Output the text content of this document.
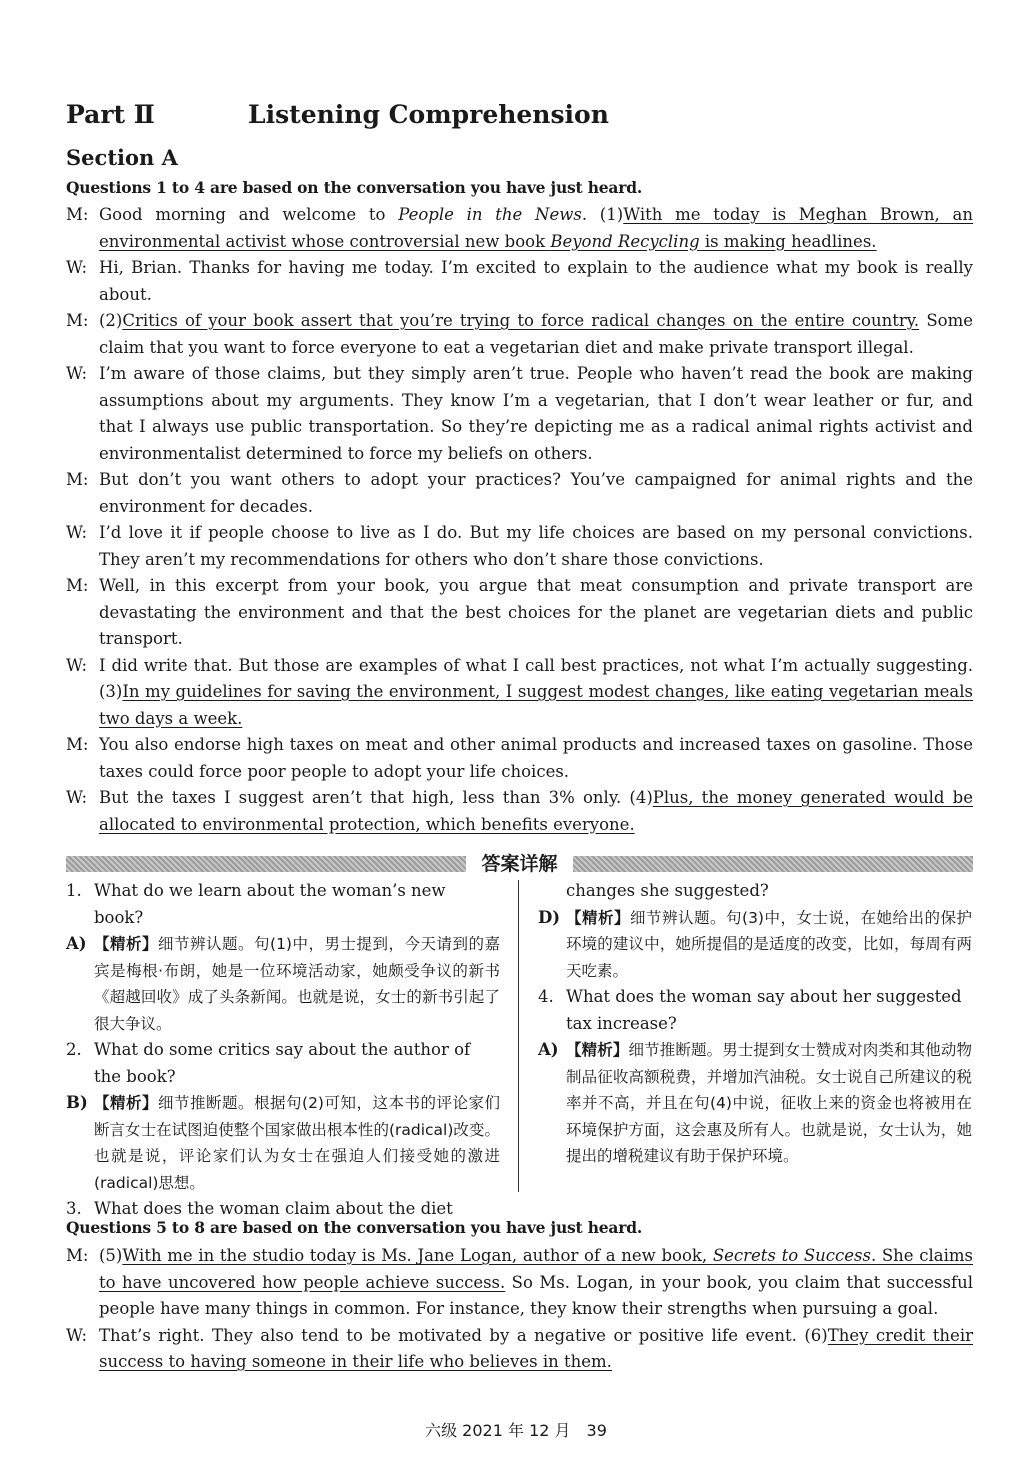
Part Ⅱ	Listening Comprehension
Section A
Questions 1 to 4 are based on the conversation you have just heard.
M: Good morning and welcome to People in the News. (1)With me today is Meghan Brown, an environmental activist whose controversial new book Beyond Recycling is making headlines.
W: Hi, Brian. Thanks for having me today. I’m excited to explain to the audience what my book is really about.
M: (2)Critics of your book assert that you’re trying to force radical changes on the entire country. Some claim that you want to force everyone to eat a vegetarian diet and make private transport illegal.
W: I’m aware of those claims, but they simply aren’t true. People who haven’t read the book are making assumptions about my arguments. They know I’m a vegetarian, that I don’t wear leather or fur, and that I always use public transportation. So they’re depicting me as a radical animal rights activist and environmentalist determined to force my beliefs on others.
M: But don’t you want others to adopt your practices? You’ve campaigned for animal rights and the environment for decades.
W: I’d love it if people choose to live as I do. But my life choices are based on my personal convictions. They aren’t my recommendations for others who don’t share those convictions.
M: Well, in this excerpt from your book, you argue that meat consumption and private transport are devastating the environment and that the best choices for the planet are vegetarian diets and public transport.
W: I did write that. But those are examples of what I call best practices, not what I’m actually suggesting. (3)In my guidelines for saving the environment, I suggest modest changes, like eating vegetarian meals two days a week.
M: You also endorse high taxes on meat and other animal products and increased taxes on gasoline. Those taxes could force poor people to adopt your life choices.
W: But the taxes I suggest aren’t that high, less than 3% only. (4)Plus, the money generated would be allocated to environmental protection, which benefits everyone.
答案详解
1. What do we learn about the woman’s new book?
A) 【精析】细节辨认题。句(1)中，男士提到，今天请到的嘉宾是梅根·布朗，她是一位环境活动家，她颇受争议的新书《超越回收》成了头条新闻。也就是说，女士的新书引起了很大争议。
2. What do some critics say about the author of the book?
B) 【精析】细节推断题。根据句(2)可知，这本书的评论家们断言女士在试图迫使整个国家做出根本性的(radical)改变。也就是说，评论家们认为女士在强迫人们接受她的激进(radical)思想。
3. What does the woman claim about the diet
changes she suggested?
D) 【精析】细节辨认题。句(3)中，女士说，在她给出的保护环境的建议中，她所提倡的是适度的改变，比如，每周有两天吃素。
4. What does the woman say about her suggested tax increase?
A) 【精析】细节推断题。男士提到女士赞成对肉类和其他动物制品征收高额税费，并增加汽油税。女士说自己所建议的税率并不高，并且在句(4)中说，征收上来的资金也将被用在环境保护方面，这会惠及所有人。也就是说，女士认为，她提出的增税建议有助于保护环境。
Questions 5 to 8 are based on the conversation you have just heard.
M: (5)With me in the studio today is Ms. Jane Logan, author of a new book, Secrets to Success. She claims to have uncovered how people achieve success. So Ms. Logan, in your book, you claim that successful people have many things in common. For instance, they know their strengths when pursuing a goal.
W: That’s right. They also tend to be motivated by a negative or positive life event. (6)They credit their success to having someone in their life who believes in them.
六级 2021 年 12 月　39
